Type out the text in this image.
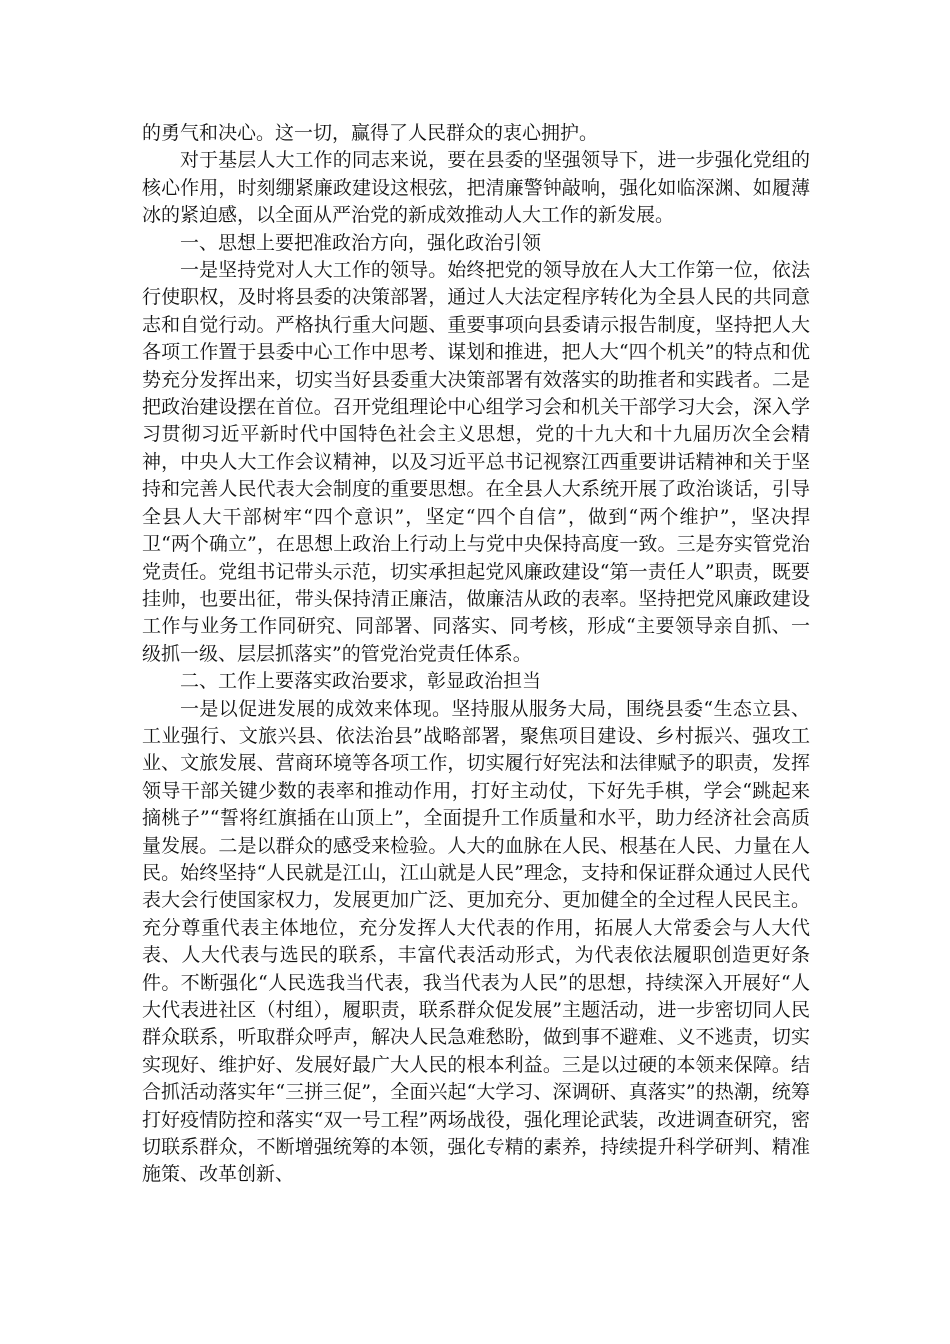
的勇气和决心。这一切，赢得了人民群众的衷心拥护。

对于基层人大工作的同志来说，要在县委的坚强领导下，进一步强化党组的核心作用，时刻绷紧廉政建设这根弦，把清廉警钟敲响，强化如临深渊、如履薄冰的紧迫感，以全面从严治党的新成效推动人大工作的新发展。

一、思想上要把准政治方向，强化政治引领

一是坚持党对人大工作的领导。始终把党的领导放在人大工作第一位，依法行使职权，及时将县委的决策部署，通过人大法定程序转化为全县人民的共同意志和自觉行动。严格执行重大问题、重要事项向县委请示报告制度，坚持把人大各项工作置于县委中心工作中思考、谋划和推进，把人大“四个机关”的特点和优势充分发挥出来，切实当好县委重大决策部署有效落实的助推者和实践者。二是把政治建设摆在首位。召开党组理论中心组学习会和机关干部学习大会，深入学习贯彻习近平新时代中国特色社会主义思想，党的十九大和十九届历次全会精神，中央人大工作会议精神，以及习近平总书记视察江西重要讲话精神和关于坚持和完善人民代表大会制度的重要思想。在全县人大系统开展了政治谈话，引导全县人大干部树牢“四个意识”，坚定“四个自信”，做到“两个维护”，坚决捍卫“两个确立”，在思想上政治上行动上与党中央保持高度一致。三是夯实管党治党责任。党组书记带头示范，切实承担起党风廉政建设“第一责任人”职责，既要挂帅，也要出征，带头保持清正廉洁，做廉洁从政的表率。坚持把党风廉政建设工作与业务工作同研究、同部署、同落实、同考核，形成“主要领导亲自抓、一级抓一级、层层抓落实”的管党治党责任体系。

二、工作上要落实政治要求，彰显政治担当

一是以促进发展的成效来体现。坚持服从服务大局，围绕县委“生态立县、工业强行、文旅兴县、依法治县”战略部署，聚焦项目建设、乡村振兴、强攻工业、文旅发展、营商环境等各项工作，切实履行好宪法和法律赋予的职责，发挥领导干部关键少数的表率和推动作用，打好主动仗，下好先手棋，学会“跳起来摘桃子”“誓将红旗插在山顶上”，全面提升工作质量和水平，助力经济社会高质量发展。二是以群众的感受来检验。人大的血脉在人民、根基在人民、力量在人民。始终坚持“人民就是江山，江山就是人民”理念，支持和保证群众通过人民代表大会行使国家权力，发展更加广泛、更加充分、更加健全的全过程人民民主。充分尊重代表主体地位，充分发挥人大代表的作用，拓展人大常委会与人大代表、人大代表与选民的联系，丰富代表活动形式，为代表依法履职创造更好条件。不断强化“人民选我当代表，我当代表为人民”的思想，持续深入开展好“人大代表进社区（村组），履职责，联系群众促发展”主题活动，进一步密切同人民群众联系，听取群众呼声，解决人民急难愁盼，做到事不避难、义不逃责，切实实现好、维护好、发展好最广大人民的根本利益。三是以过硬的本领来保障。结合抓活动落实年“三拼三促”，全面兴起“大学习、深调研、真落实”的热潮，统筹打好疫情防控和落实“双一号工程”两场战役，强化理论武装，改进调查研究，密切联系群众，不断增强统筹的本领，强化专精的素养，持续提升科学研判、精准施策、改革创新、
